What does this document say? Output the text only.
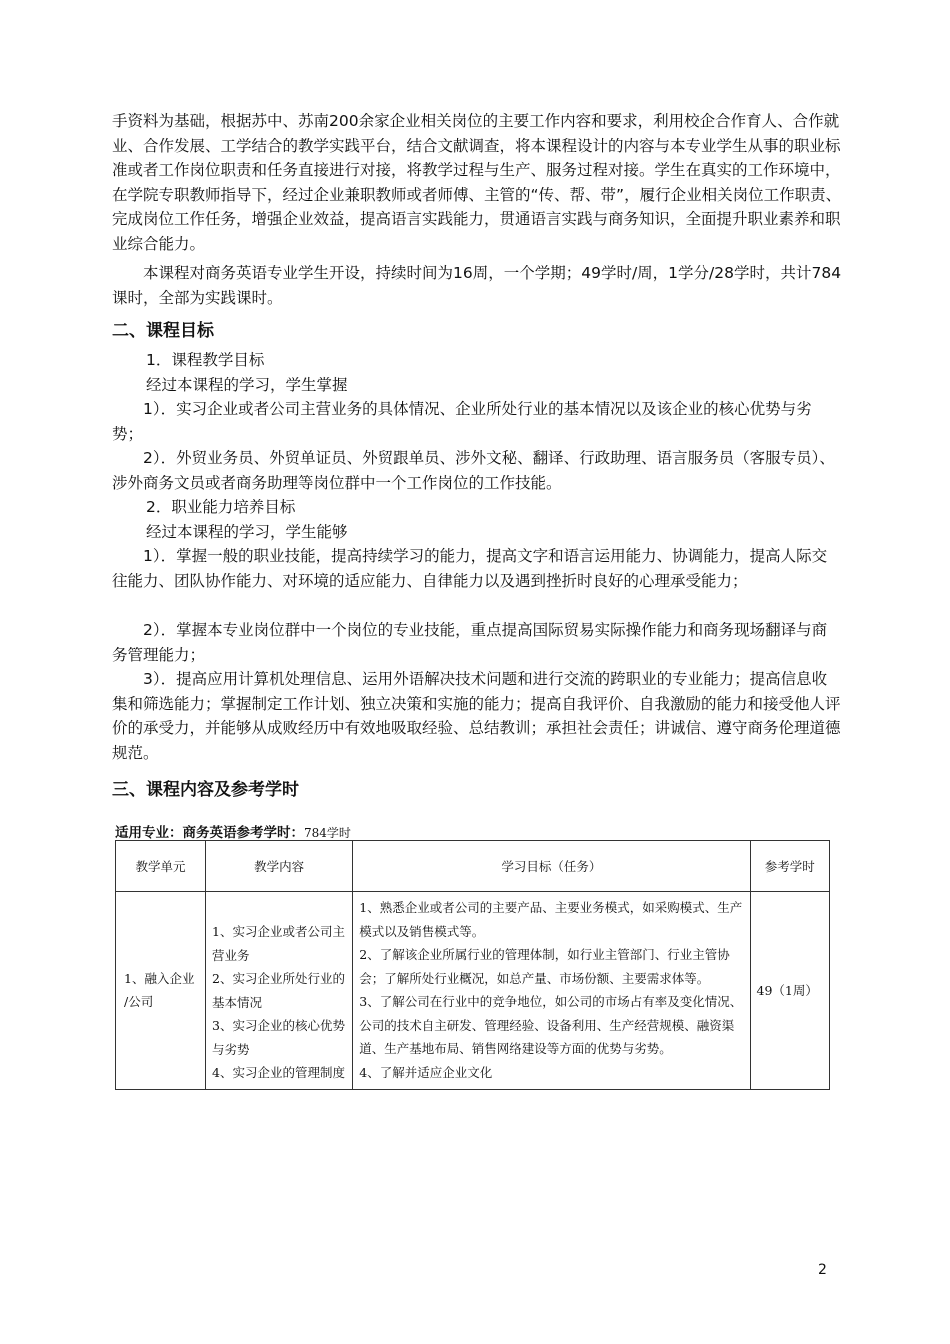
手资料为基础，根据苏中、苏南200余家企业相关岗位的主要工作内容和要求，利用校企合作育人、合作就业、合作发展、工学结合的教学实践平台，结合文献调查，将本课程设计的内容与本专业学生从事的职业标准或者工作岗位职责和任务直接进行对接，将教学过程与生产、服务过程对接。学生在真实的工作环境中，在学院专职教师指导下，经过企业兼职教师或者师傅、主管的“传、帮、带”，履行企业相关岗位工作职责、完成岗位工作任务，增强企业效益，提高语言实践能力，贯通语言实践与商务知识，全面提升职业素养和职业综合能力。

本课程对商务英语专业学生开设，持续时间为16周，一个学期；49学时/周，1学分/28学时，共计784课时，全部为实践课时。

二、课程目标

1．课程教学目标

经过本课程的学习，学生掌握

1）．实习企业或者公司主营业务的具体情况、企业所处行业的基本情况以及该企业的核心优势与劣势；

2）．外贸业务员、外贸单证员、外贸跟单员、涉外文秘、翻译、行政助理、语言服务员（客服专员）、涉外商务文员或者商务助理等岗位群中一个工作岗位的工作技能。

2．职业能力培养目标

经过本课程的学习，学生能够

1）．掌握一般的职业技能，提高持续学习的能力，提高文字和语言运用能力、协调能力，提高人际交往能力、团队协作能力、对环境的适应能力、自律能力以及遇到挫折时良好的心理承受能力；

2）．掌握本专业岗位群中一个岗位的专业技能，重点提高国际贸易实际操作能力和商务现场翻译与商务管理能力；

3）．提高应用计算机处理信息、运用外语解决技术问题和进行交流的跨职业的专业能力；提高信息收集和筛选能力；掌握制定工作计划、独立决策和实施的能力；提高自我评价、自我激励的能力和接受他人评价的承受力，并能够从成败经历中有效地吸取经验、总结教训；承担社会责任；讲诚信、遵守商务伦理道德规范。

三、课程内容及参考学时
适用专业：商务英语参考学时：784学时
教学单元	教学内容	学习目标（任务）	参考学时

1、融入企业
/公司	1、实习企业或者公司主营业务
2、实习企业所处行业的基本情况
3、实习企业的核心优势与劣势
4、实习企业的管理制度	1、熟悉企业或者公司的主要产品、主要业务模式，如采购模式、生产模式以及销售模式等。
2、了解该企业所属行业的管理体制，如行业主管部门、行业主管协会；了解所处行业概况，如总产量、市场份额、主要需求体等。
3、了解公司在行业中的竞争地位，如公司的市场占有率及变化情况、公司的技术自主研发、管理经验、设备利用、生产经营规模、融资渠道、生产基地布局、销售网络建设等方面的优势与劣势。
4、了解并适应企业文化	49（1周）
2
